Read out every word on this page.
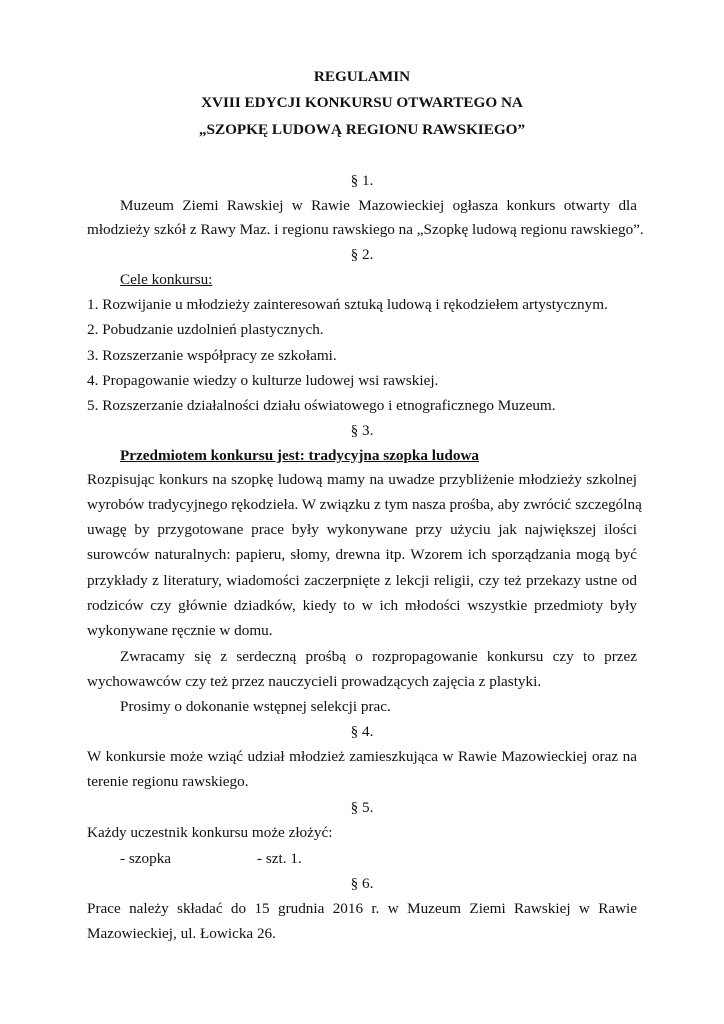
REGULAMIN
XVIII EDYCJI KONKURSU OTWARTEGO NA
„SZOPKĘ LUDOWĄ REGIONU RAWSKIEGO”
§ 1.
Muzeum Ziemi Rawskiej w Rawie Mazowieckiej ogłasza konkurs otwarty dla
młodzieży szkół z Rawy Maz. i regionu rawskiego na „Szopkę ludową regionu rawskiego”.
§ 2.
Cele konkursu:
1. Rozwijanie u młodzieży zainteresowań sztuką ludową i rękodziełem artystycznym.
2. Pobudzanie uzdolnień plastycznych.
3. Rozszerzanie współpracy ze szkołami.
4. Propagowanie wiedzy o kulturze ludowej wsi rawskiej.
5. Rozszerzanie działalności działu oświatowego i etnograficznego Muzeum.
§ 3.
Przedmiotem konkursu jest: tradycyjna szopka ludowa
Rozpisując konkurs na szopkę ludową mamy na uwadze przybliżenie młodzieży szkolnej
wyrobów tradycyjnego rękodzieła. W związku z tym nasza prośba, aby zwrócić szczególną
uwagę by przygotowane prace były wykonywane przy użyciu jak największej ilości
surowców naturalnych: papieru, słomy, drewna itp. Wzorem ich sporządzania mogą być
przykłady z literatury, wiadomości zaczerpnięte z lekcji religii, czy też przekazy ustne od
rodziców czy głównie dziadków, kiedy to w ich młodości wszystkie przedmioty były
wykonywane ręcznie w domu.
Zwracamy się z serdeczną prośbą o rozpropagowanie konkursu czy to przez
wychowawców czy też przez nauczycieli prowadzących zajęcia z plastyki.
Prosimy o dokonanie wstępnej selekcji prac.
§ 4.
W konkursie może wziąć udział młodzież zamieszkująca w Rawie Mazowieckiej oraz na
terenie regionu rawskiego.
§ 5.
Każdy uczestnik konkursu może złożyć:
- szopka	- szt. 1.
§ 6.
Prace należy składać do 15 grudnia 2016 r. w Muzeum Ziemi Rawskiej w Rawie
Mazowieckiej, ul. Łowicka 26.
